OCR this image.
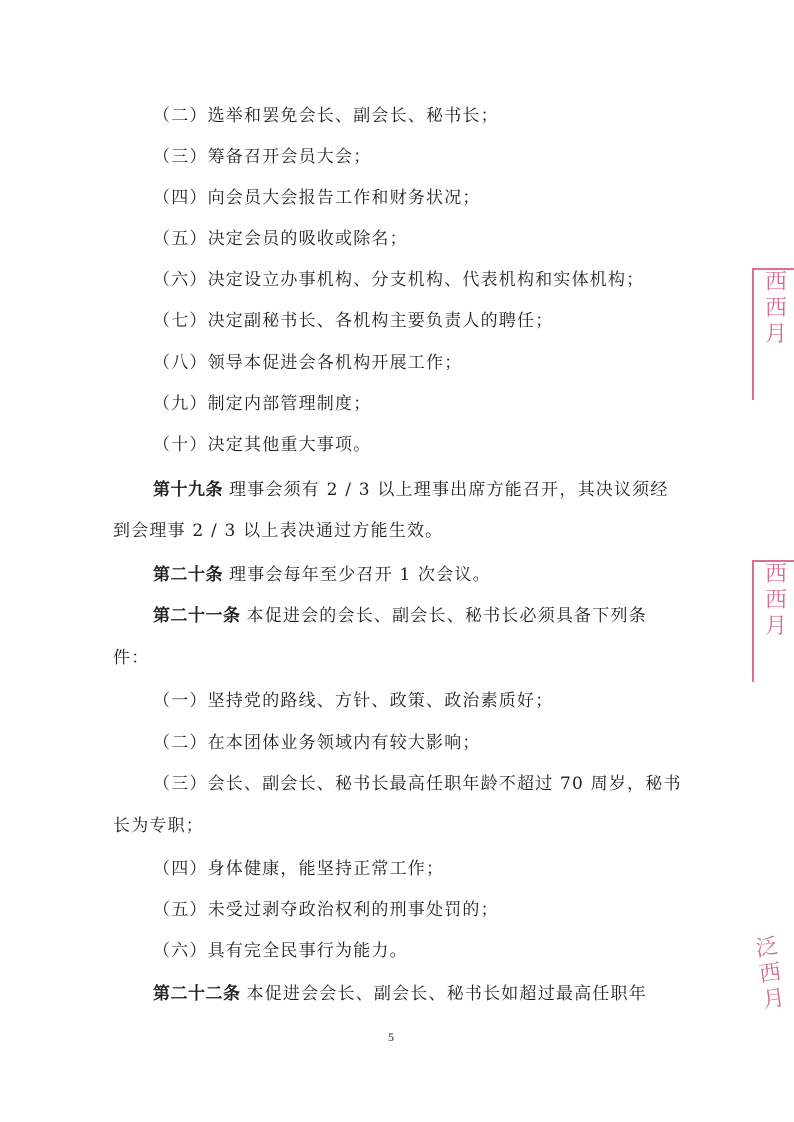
（二）选举和罢免会长、副会长、秘书长；
（三）筹备召开会员大会；
（四）向会员大会报告工作和财务状况；
（五）决定会员的吸收或除名；
（六）决定设立办事机构、分支机构、代表机构和实体机构；
（七）决定副秘书长、各机构主要负责人的聘任；
（八）领导本促进会各机构开展工作；
（九）制定内部管理制度；
（十）决定其他重大事项。
第十九条 理事会须有 2 / 3 以上理事出席方能召开，其决议须经
到会理事 2 / 3 以上表决通过方能生效。
第二十条 理事会每年至少召开 1 次会议。
第二十一条 本促进会的会长、副会长、秘书长必须具备下列条
件：
（一）坚持党的路线、方针、政策、政治素质好；
（二）在本团体业务领域内有较大影响；
（三）会长、副会长、秘书长最高任职年龄不超过 70 周岁，秘书
长为专职；
（四）身体健康，能坚持正常工作；
（五）未受过剥夺政治权利的刑事处罚的；
（六）具有完全民事行为能力。
第二十二条 本促进会会长、副会长、秘书长如超过最高任职年
5
西
西
月
西
西
月
泛
西
月
